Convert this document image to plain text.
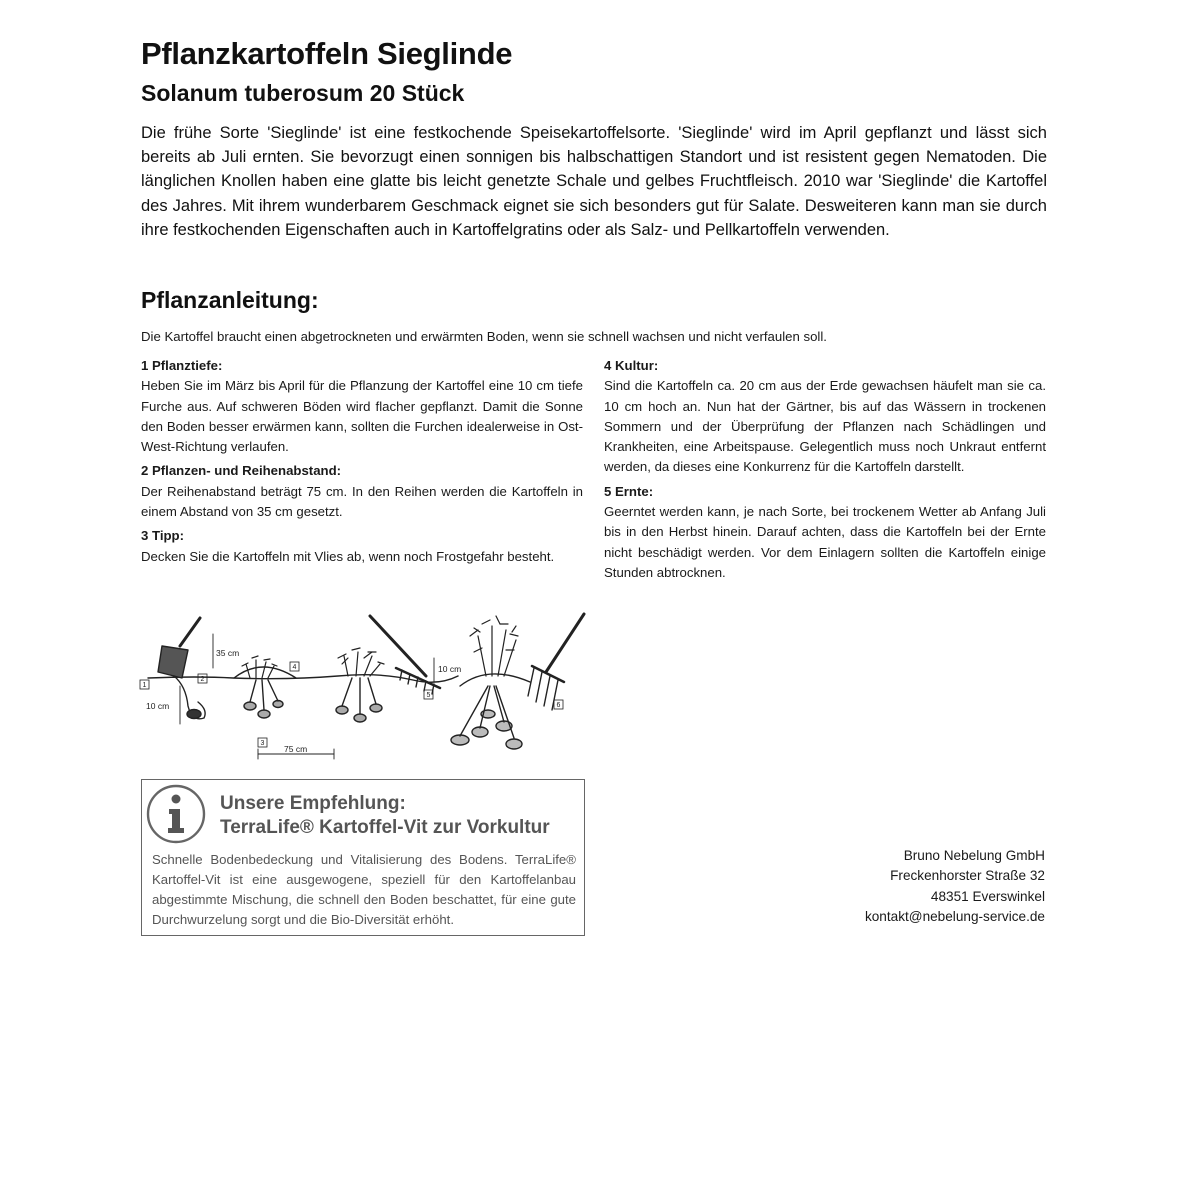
Pflanzkartoffeln Sieglinde
Solanum tuberosum 20 Stück

Die frühe Sorte 'Sieglinde' ist eine festkochende Speisekartoffelsorte. 'Sieglinde' wird im April gepflanzt und lässt sich bereits ab Juli ernten. Sie bevorzugt einen sonnigen bis halbschattigen Standort und ist resistent gegen Nematoden. Die länglichen Knollen haben eine glatte bis leicht genetzte Schale und gelbes Fruchtfleisch. 2010 war 'Sieglinde' die Kartoffel des Jahres. Mit ihrem wunderbarem Geschmack eignet sie sich besonders gut für Salate. Desweiteren kann man sie durch ihre festkochenden Eigenschaften auch in Kartoffelgratins oder als Salz- und Pellkartoffeln verwenden.

Pflanzanleitung:

Die Kartoffel braucht einen abgetrockneten und erwärmten Boden, wenn sie schnell wachsen und nicht verfaulen soll.

1 Pflanztiefe:
Heben Sie im März bis April für die Pflanzung der Kartoffel eine 10 cm tiefe Furche aus. Auf schweren Böden wird flacher gepflanzt. Damit die Sonne den Boden besser erwärmen kann, sollten die Furchen idealerweise in Ost-West-Richtung verlaufen.
2 Pflanzen- und Reihenabstand:
Der Reihenabstand beträgt 75 cm. In den Reihen werden die Kartoffeln in einem Abstand von 35 cm gesetzt.
3 Tipp:
Decken Sie die Kartoffeln mit Vlies ab, wenn noch Frostgefahr besteht.
4 Kultur:
Sind die Kartoffeln ca. 20 cm aus der Erde gewachsen häufelt man sie ca. 10 cm hoch an. Nun hat der Gärtner, bis auf das Wässern in trockenen Sommern und der Überprüfung der Pflanzen nach Schädlingen und Krankheiten, eine Arbeitspause. Gelegentlich muss noch Unkraut entfernt werden, da dieses eine Konkurrenz für die Kartoffeln darstellt.
5 Ernte:
Geerntet werden kann, je nach Sorte, bei trockenem Wetter ab Anfang Juli bis in den Herbst hinein. Darauf achten, dass die Kartoffeln bei der Ernte nicht beschädigt werden. Vor dem Einlagern sollten die Kartoffeln einige Stunden abtrocknen.
35 cm
10 cm
75 cm
10 cm
1
2
3
4
5
6
Unsere Empfehlung:
TerraLife® Kartoffel-Vit zur Vorkultur

Schnelle Bodenbedeckung und Vitalisierung des Bodens. TerraLife® Kartoffel-Vit ist eine ausgewogene, speziell für den Kartoffelanbau abgestimmte Mischung, die schnell den Boden beschattet, für eine gute Durchwurzelung sorgt und die Bio-Diversität erhöht.

Bruno Nebelung GmbH
Freckenhorster Straße 32
48351 Everswinkel
kontakt@nebelung-service.de
